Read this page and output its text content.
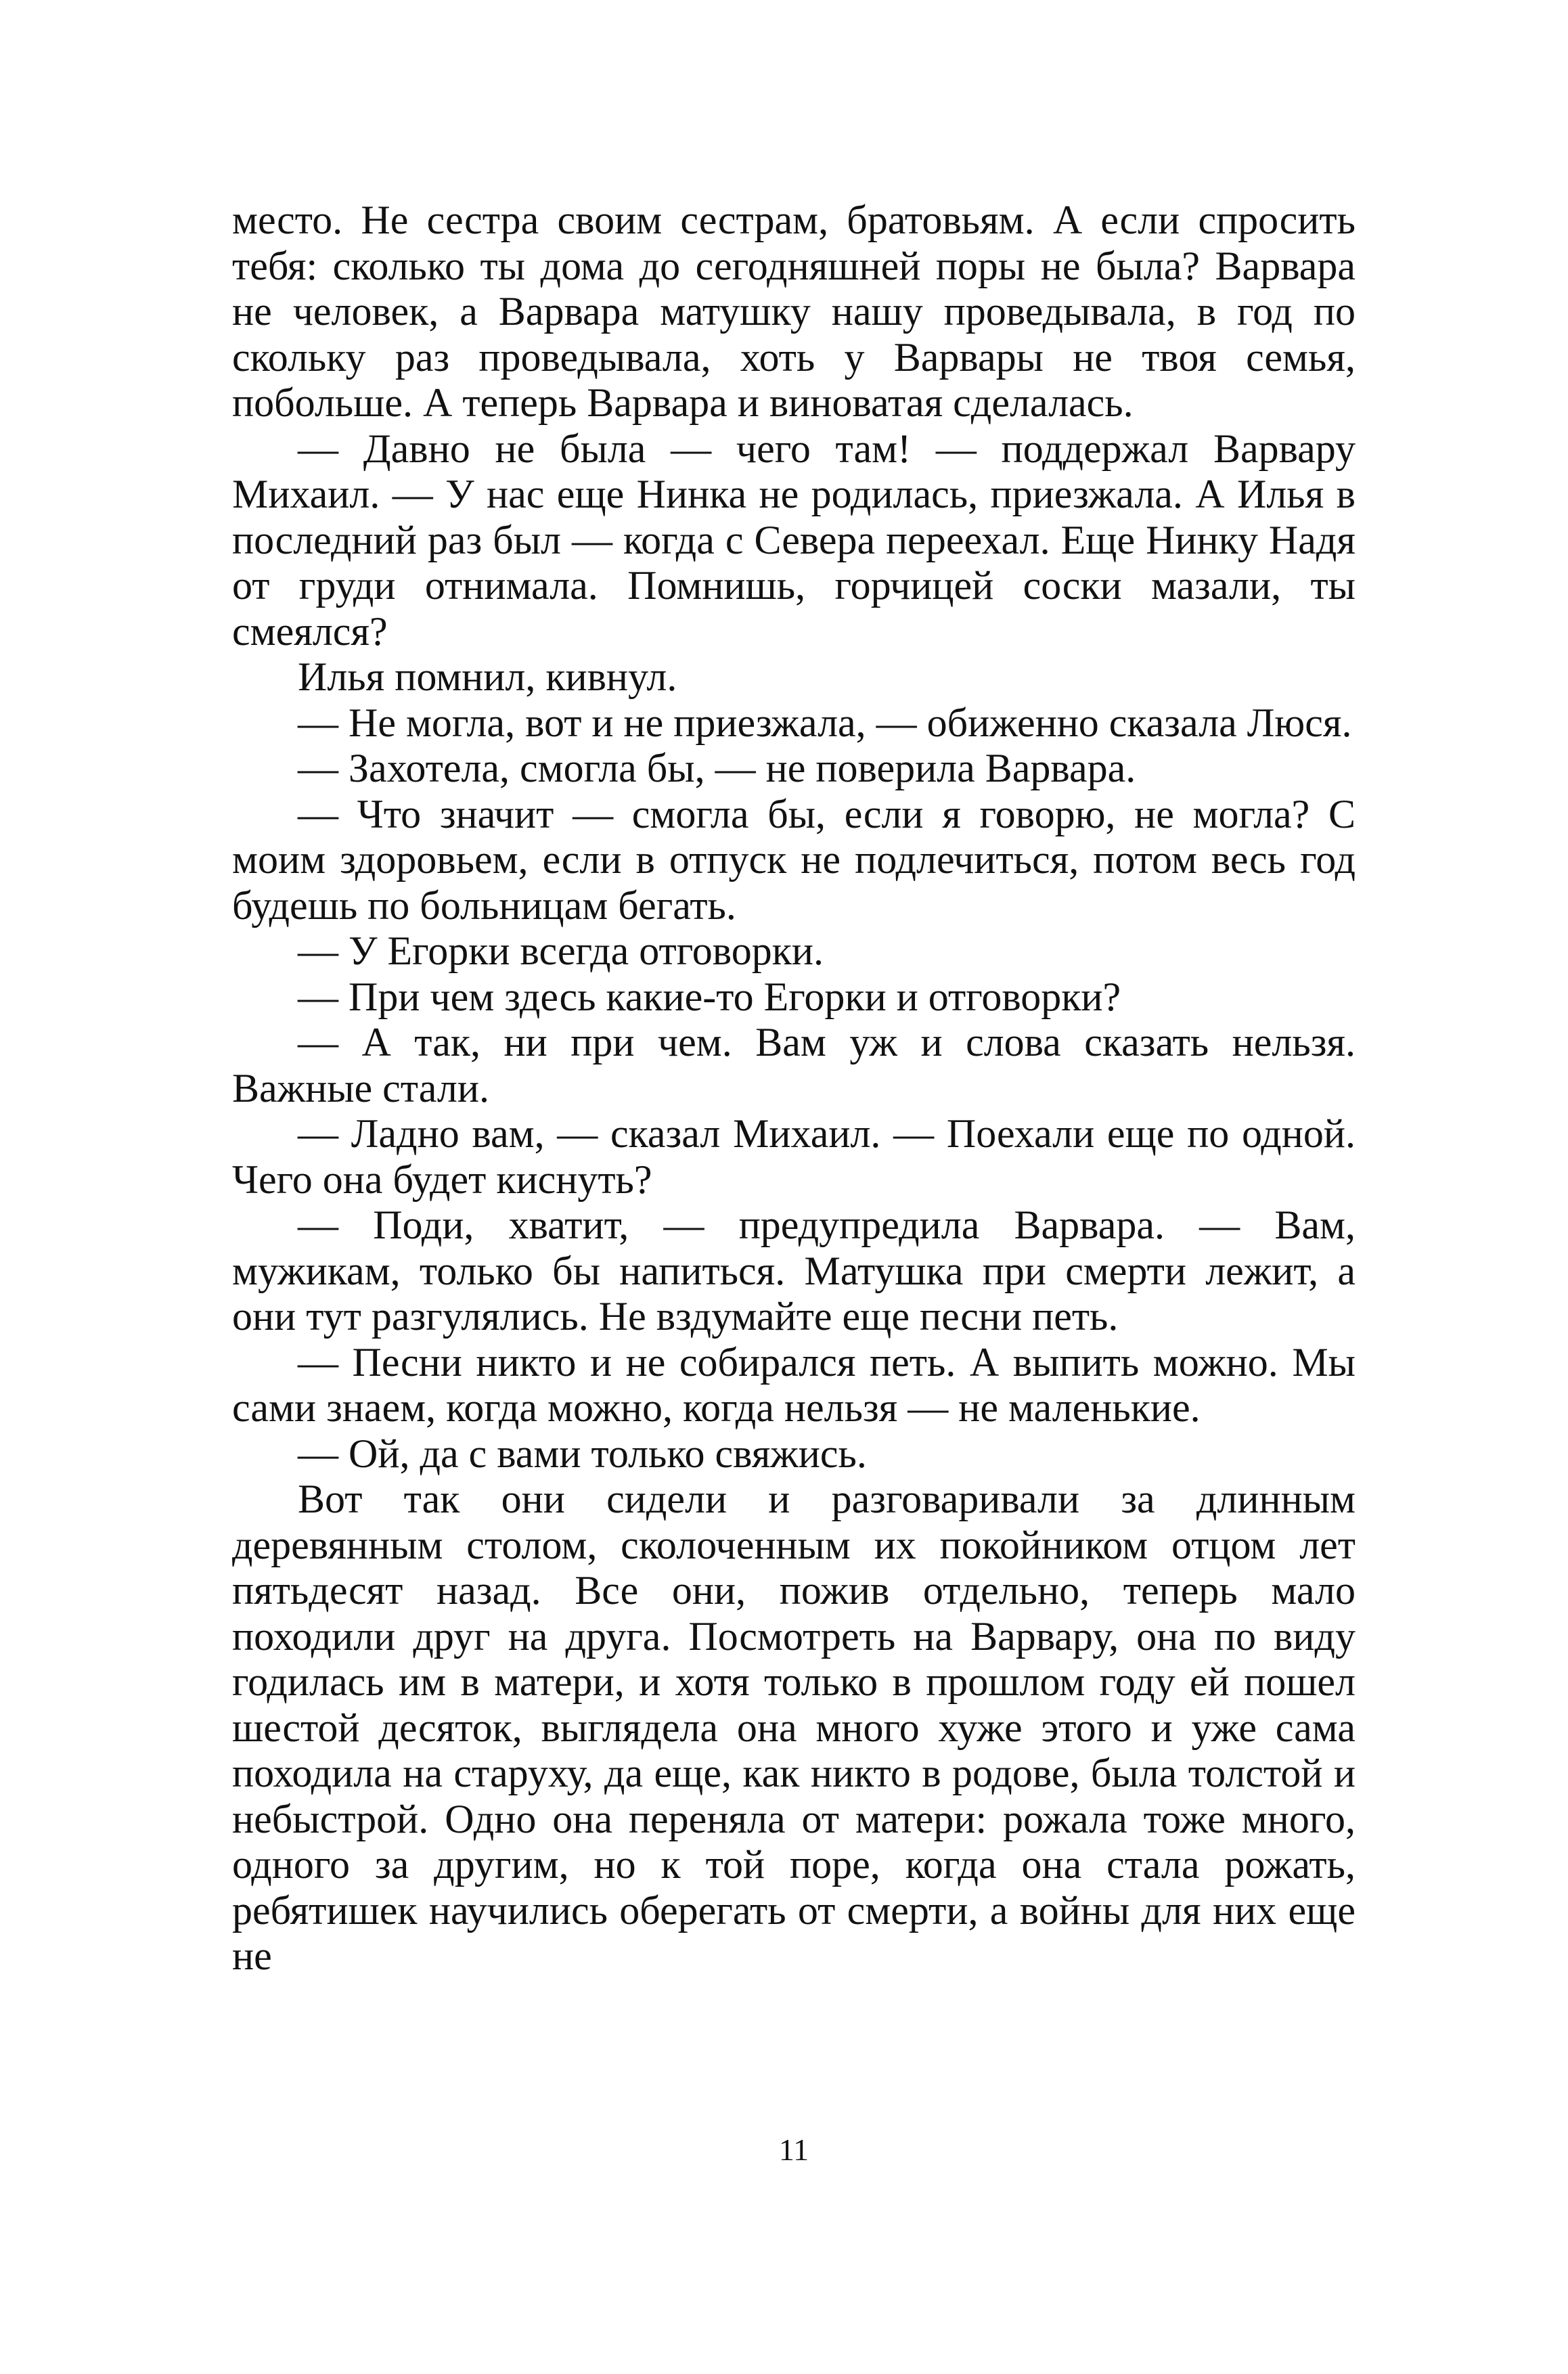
место. Не сестра своим сестрам, братовьям. А если спросить тебя: сколько ты дома до сегодняшней поры не была? Варвара не человек, а Варвара матушку нашу проведывала, в год по скольку раз проведывала, хоть у Варвары не твоя семья, побольше. А теперь Варвара и виноватая сделалась.

— Давно не была — чего там! — поддержал Варвару Михаил. — У нас еще Нинка не родилась, приезжала. А Илья в последний раз был — когда с Севера переехал. Еще Нинку Надя от груди отнимала. Помнишь, горчицей соски мазали, ты смеялся?

Илья помнил, кивнул.

— Не могла, вот и не приезжала, — обиженно сказала Люся.

— Захотела, смогла бы, — не поверила Варвара.

— Что значит — смогла бы, если я говорю, не могла? С моим здоровьем, если в отпуск не подлечиться, потом весь год будешь по больницам бегать.

— У Егорки всегда отговорки.

— При чем здесь какие-то Егорки и отговорки?

— А так, ни при чем. Вам уж и слова сказать нельзя. Важные стали.

— Ладно вам, — сказал Михаил. — Поехали еще по одной. Чего она будет киснуть?

— Поди, хватит, — предупредила Варвара. — Вам, мужикам, только бы напиться. Матушка при смерти лежит, а они тут разгулялись. Не вздумайте еще песни петь.

— Песни никто и не собирался петь. А выпить можно. Мы сами знаем, когда можно, когда нельзя — не маленькие.

— Ой, да с вами только свяжись.

Вот так они сидели и разговаривали за длинным деревянным столом, сколоченным их покойником отцом лет пятьдесят назад. Все они, пожив отдельно, теперь мало походили друг на друга. Посмотреть на Варвару, она по виду годилась им в матери, и хотя только в прошлом году ей пошел шестой десяток, выглядела она много хуже этого и уже сама походила на старуху, да еще, как никто в родове, была толстой и небыстрой. Одно она переняла от матери: рожала тоже много, одного за другим, но к той поре, когда она стала рожать, ребятишек научились оберегать от смерти, а войны для них еще не

11
